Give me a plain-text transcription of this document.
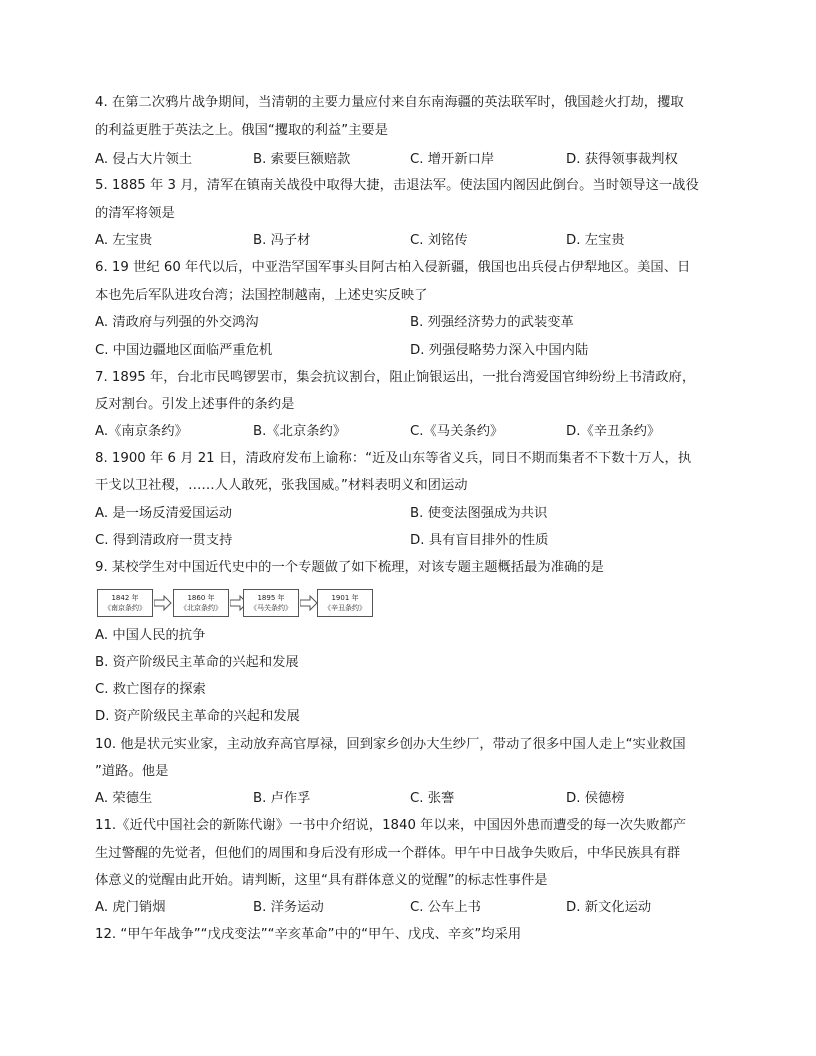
4. 在第二次鸦片战争期间，当清朝的主要力量应付来自东南海疆的英法联军时，俄国趁火打劫，攫取
的利益更胜于英法之上。俄国“攫取的利益”主要是
A. 侵占大片领土	B. 索要巨额赔款	C. 增开新口岸	D. 获得领事裁判权
5. 1885 年 3 月，清军在镇南关战役中取得大捷，击退法军。使法国内阁因此倒台。当时领导这一战役
的清军将领是
A. 左宝贵	B. 冯子材	C. 刘铭传	D. 左宝贵
6. 19 世纪 60 年代以后，中亚浩罕国军事头目阿古柏入侵新疆，俄国也出兵侵占伊犁地区。美国、日
本也先后军队进攻台湾；法国控制越南，上述史实反映了
A. 清政府与列强的外交鸿沟	B. 列强经济势力的武装变革
C. 中国边疆地区面临严重危机	D. 列强侵略势力深入中国内陆
7. 1895 年，台北市民鸣锣罢市，集会抗议割台，阻止饷银运出，一批台湾爱国官绅纷纷上书清政府，
反对割台。引发上述事件的条约是
A.《南京条约》	B.《北京条约》	C.《马关条约》	D.《辛丑条约》
8. 1900 年 6 月 21 日，清政府发布上谕称：“近及山东等省义兵，同日不期而集者不下数十万人，执
干戈以卫社稷，……人人敢死，张我国威。”材料表明义和团运动
A. 是一场反清爱国运动	B. 使变法图强成为共识
C. 得到清政府一贯支持	D. 具有盲目排外的性质
9. 某校学生对中国近代史中的一个专题做了如下梳理，对该专题主题概括最为准确的是
1842 年
《南京条约》
1860 年
《北京条约》
1895 年
《马关条约》
1901 年
《辛丑条约》
A. 中国人民的抗争
B. 资产阶级民主革命的兴起和发展
C. 救亡图存的探索
D. 资产阶级民主革命的兴起和发展
10. 他是状元实业家，主动放弃高官厚禄，回到家乡创办大生纱厂，带动了很多中国人走上“实业救国
”道路。他是
A. 荣德生	B. 卢作孚	C. 张謇	D. 侯德榜
11.《近代中国社会的新陈代谢》一书中介绍说，1840 年以来，中国因外患而遭受的每一次失败都产
生过警醒的先觉者，但他们的周围和身后没有形成一个群体。甲午中日战争失败后，中华民族具有群
体意义的觉醒由此开始。请判断，这里“具有群体意义的觉醒”的标志性事件是
A. 虎门销烟	B. 洋务运动	C. 公车上书	D. 新文化运动
12. “甲午年战争”“戊戌变法”“辛亥革命”中的“甲午、戊戌、辛亥”均采用
